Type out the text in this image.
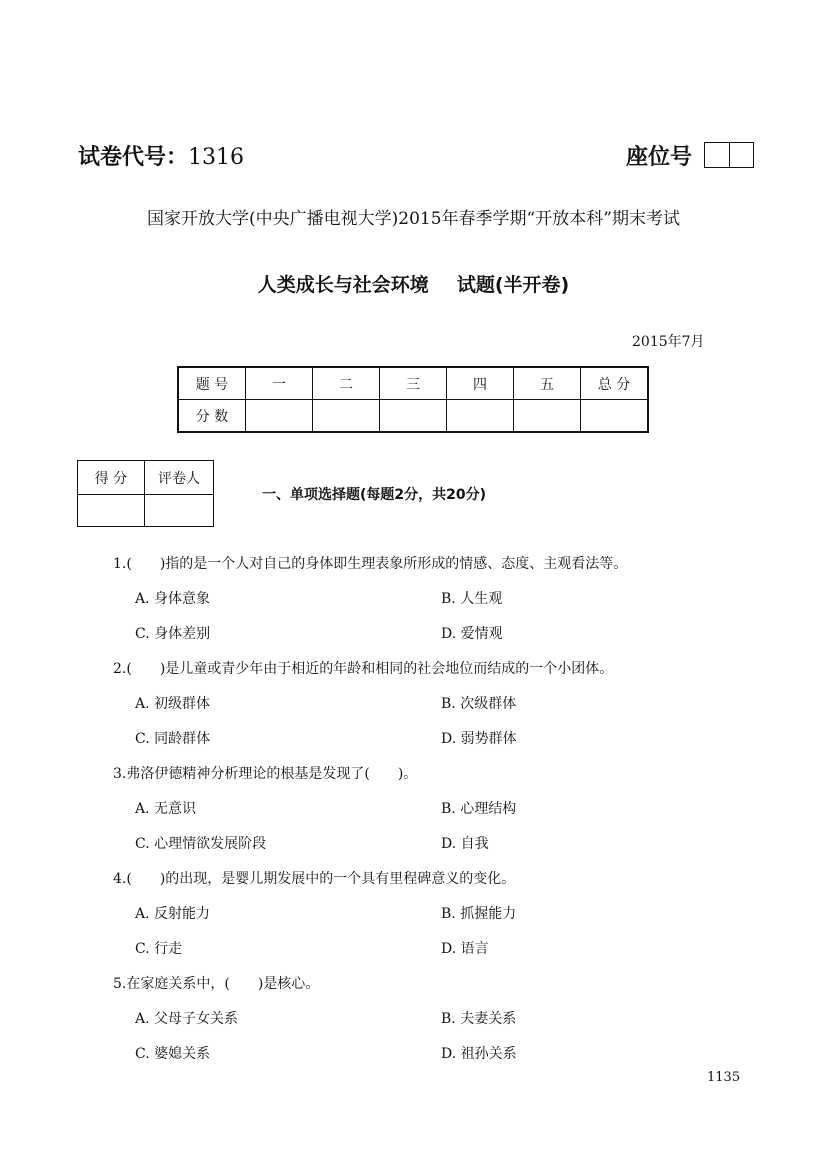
试卷代号：1316	座位号
国家开放大学(中央广播电视大学)2015年春季学期“开放本科”期末考试
人类成长与社会环境 试题(半开卷)
2015年7月
题 号	一	二	三	四	五	总 分
分 数						
得 分	评卷人

一、单项选择题(每题2分，共20分)
1.(　　)指的是一个人对自己的身体即生理表象所形成的情感、态度、主观看法等。
A. 身体意象	B. 人生观
C. 身体差别	D. 爱情观
2.(　　)是儿童或青少年由于相近的年龄和相同的社会地位而结成的一个小团体。
A. 初级群体	B. 次级群体
C. 同龄群体	D. 弱势群体
3.弗洛伊德精神分析理论的根基是发现了(　　)。
A. 无意识	B. 心理结构
C. 心理情欲发展阶段	D. 自我
4.(　　)的出现，是婴儿期发展中的一个具有里程碑意义的变化。
A. 反射能力	B. 抓握能力
C. 行走	D. 语言
5.在家庭关系中，(　　)是核心。
A. 父母子女关系	B. 夫妻关系
C. 婆媳关系	D. 祖孙关系
1135
